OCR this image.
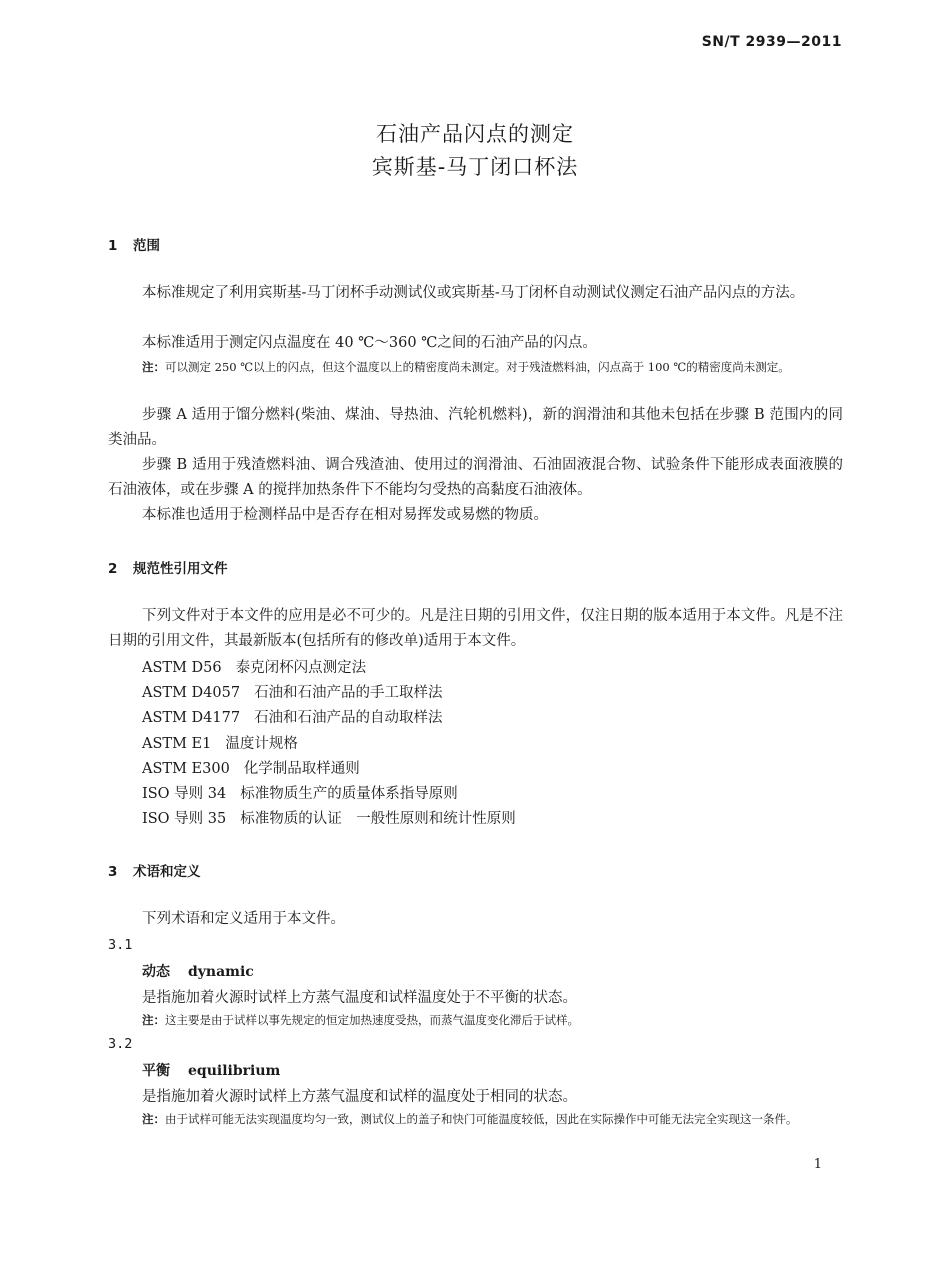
SN/T 2939—2011
石油产品闪点的测定
宾斯基-马丁闭口杯法
1 范围

本标准规定了利用宾斯基-马丁闭杯手动测试仪或宾斯基-马丁闭杯自动测试仪测定石油产品闪点的方法。

本标准适用于测定闪点温度在 40 ℃～360 ℃之间的石油产品的闪点。

注：可以测定 250 ℃以上的闪点，但这个温度以上的精密度尚未测定。对于残渣燃料油，闪点高于 100 ℃的精密度尚未测定。

步骤 A 适用于馏分燃料(柴油、煤油、导热油、汽轮机燃料)，新的润滑油和其他未包括在步骤 B 范围内的同类油品。

步骤 B 适用于残渣燃料油、调合残渣油、使用过的润滑油、石油固液混合物、试验条件下能形成表面液膜的石油液体，或在步骤 A 的搅拌加热条件下不能均匀受热的高黏度石油液体。

本标准也适用于检测样品中是否存在相对易挥发或易燃的物质。

2 规范性引用文件

下列文件对于本文件的应用是必不可少的。凡是注日期的引用文件，仅注日期的版本适用于本文件。凡是不注日期的引用文件，其最新版本(包括所有的修改单)适用于本文件。

ASTM D56 泰克闭杯闪点测定法
ASTM D4057 石油和石油产品的手工取样法
ASTM D4177 石油和石油产品的自动取样法
ASTM E1 温度计规格
ASTM E300 化学制品取样通则
ISO 导则 34 标准物质生产的质量体系指导原则
ISO 导则 35 标准物质的认证　一般性原则和统计性原则
3 术语和定义

下列术语和定义适用于本文件。

3.1
动态 dynamic
是指施加着火源时试样上方蒸气温度和试样温度处于不平衡的状态。

注：这主要是由于试样以事先规定的恒定加热速度受热，而蒸气温度变化滞后于试样。

3.2
平衡 equilibrium
是指施加着火源时试样上方蒸气温度和试样的温度处于相同的状态。

注：由于试样可能无法实现温度均匀一致，测试仪上的盖子和快门可能温度较低，因此在实际操作中可能无法完全实现这一条件。

1
